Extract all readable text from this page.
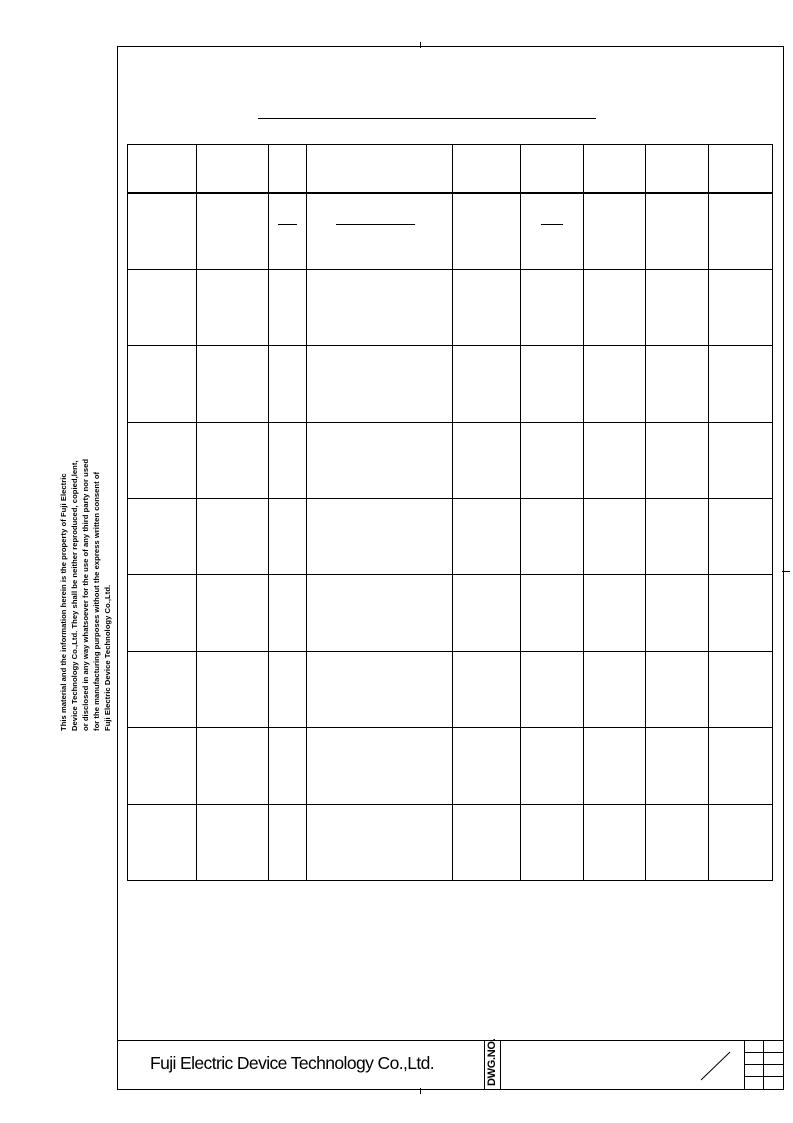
This material and the information herein is the property of Fuji Electric Device Technology Co.,Ltd. They shall be neither reproduced, copied,lent, or disclosed in any way whatsoever for the use of any third party nor used for the manufacturing purposes without the express written consent of Fuji Electric Device Technology Co.,Ltd.

Fuji Electric Device Technology Co.,Ltd.	DWG.NO.
